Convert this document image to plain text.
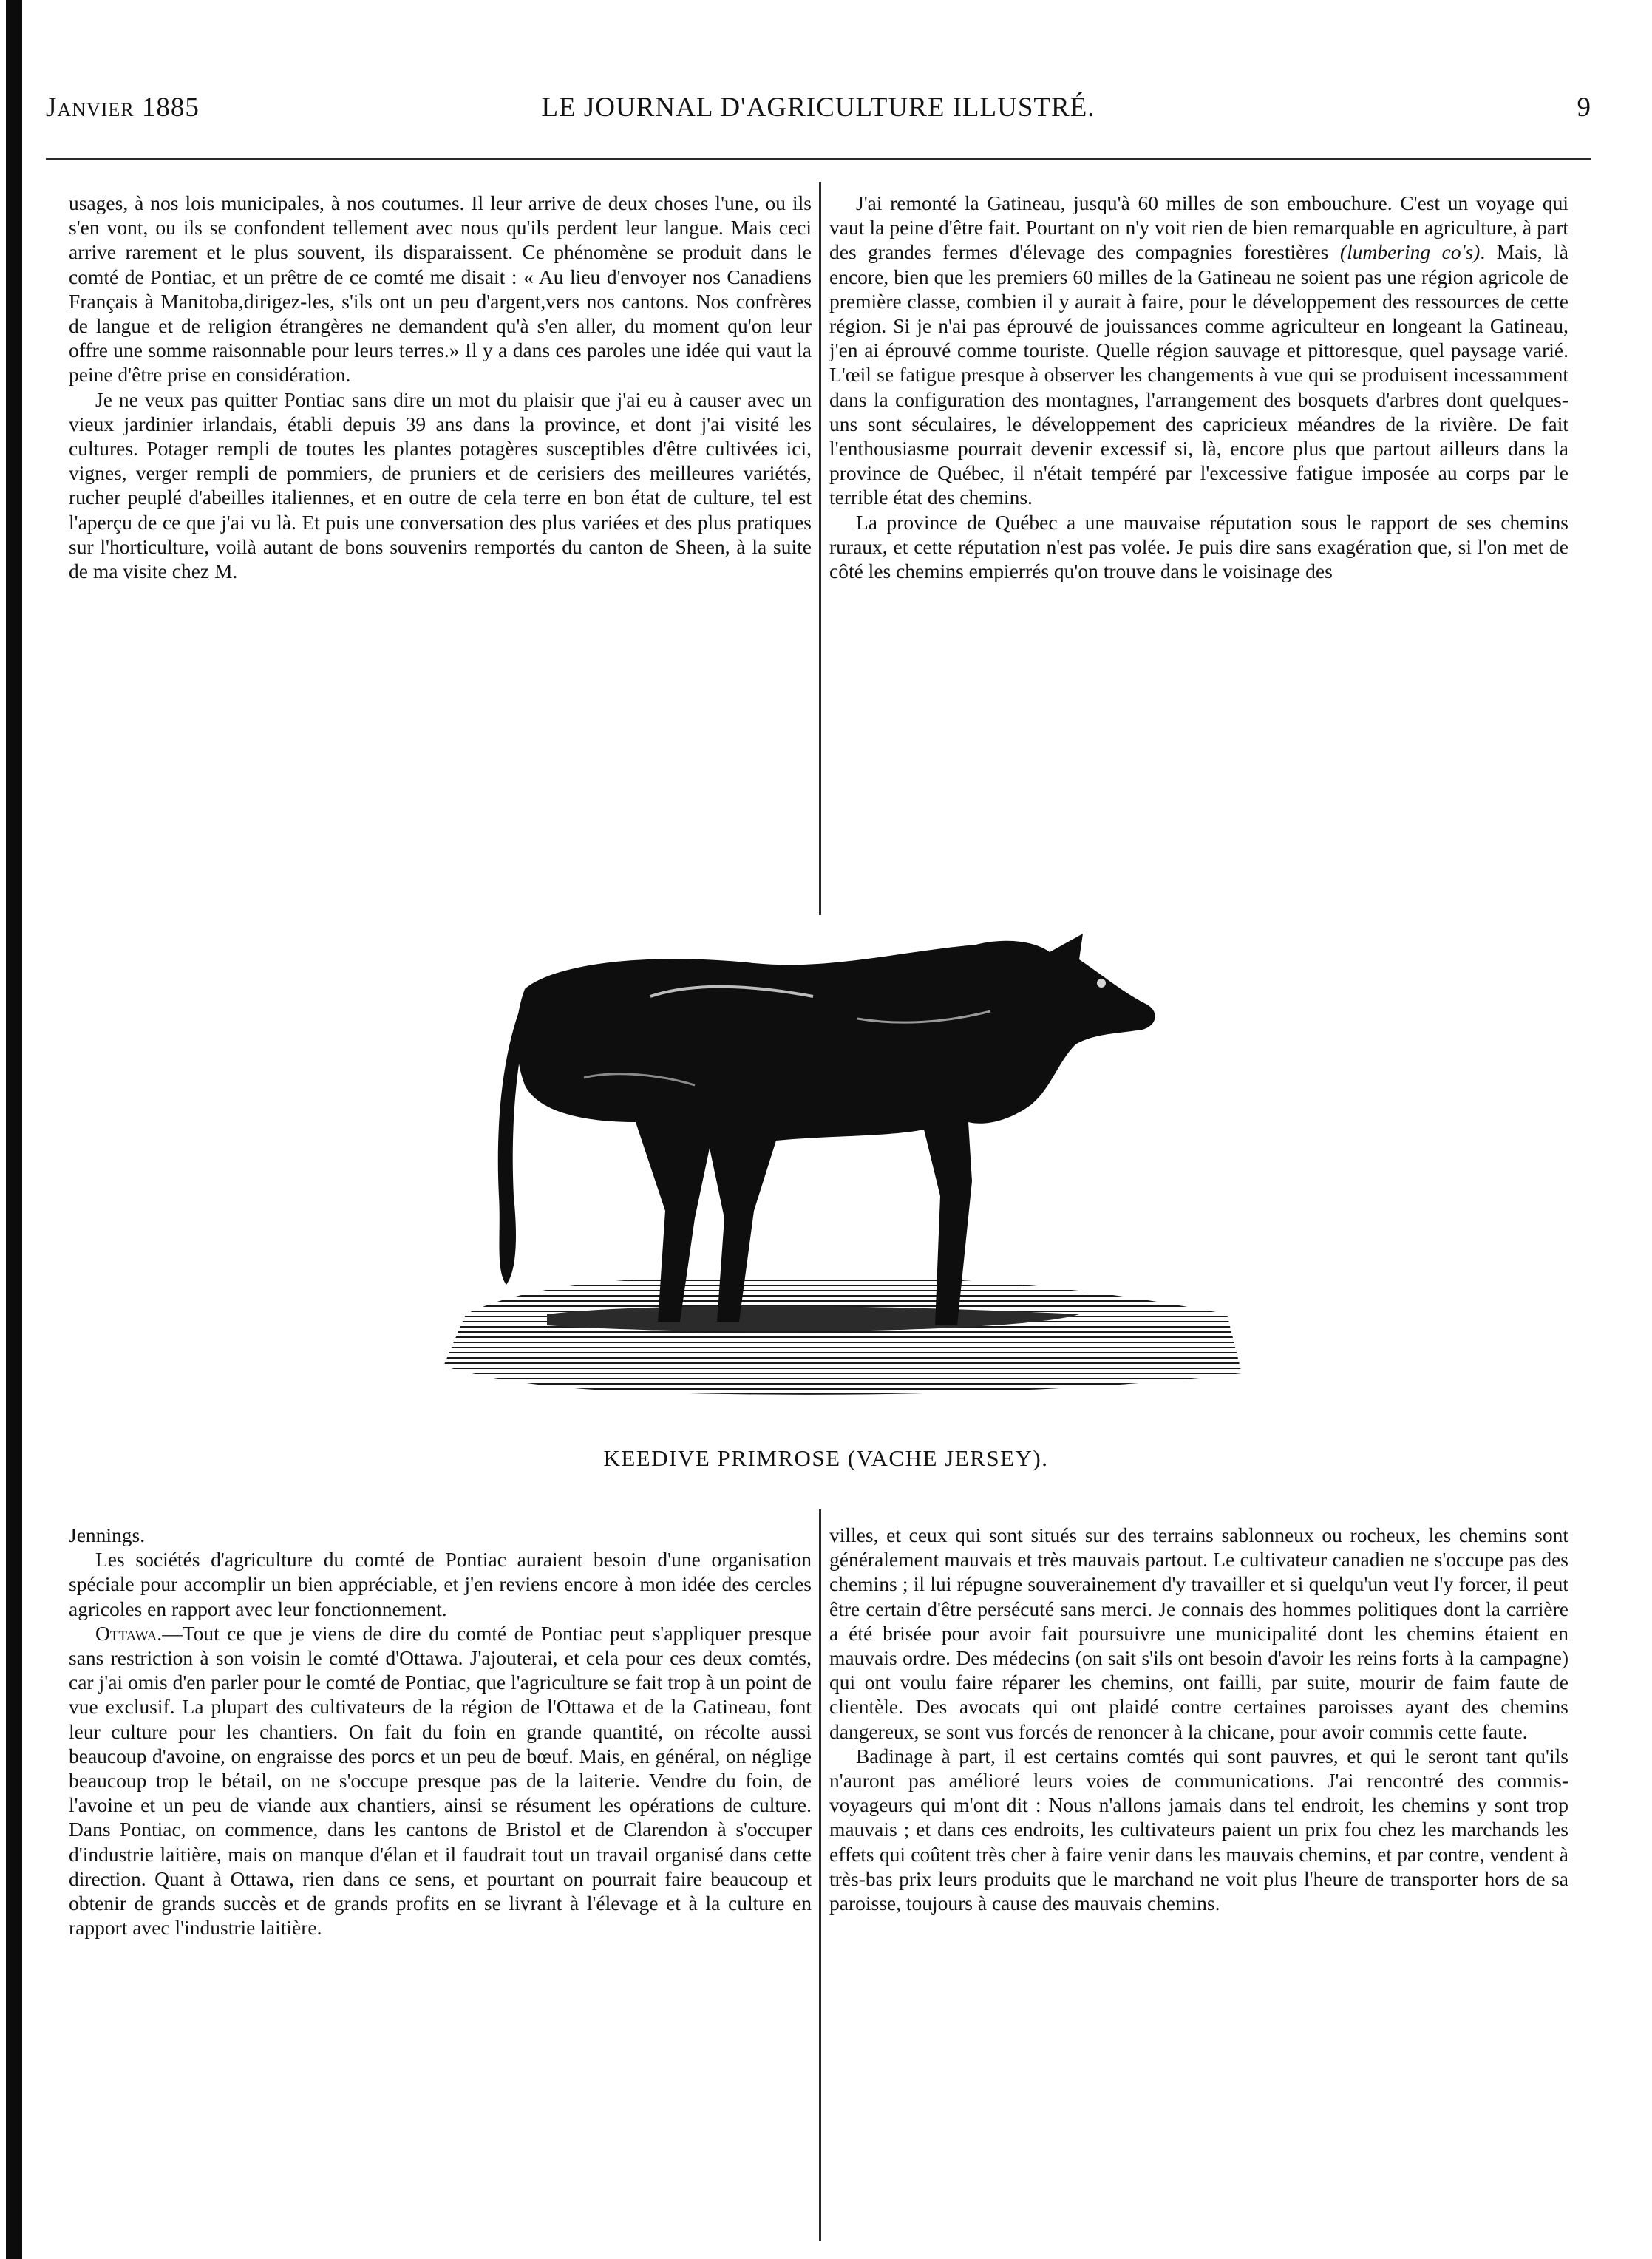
Janvier 1885	LE JOURNAL D'AGRICULTURE ILLUSTRÉ.	9

usages, à nos lois municipales, à nos coutumes. Il leur arrive de deux choses l'une, ou ils s'en vont, ou ils se confondent tellement avec nous qu'ils perdent leur langue. Mais ceci arrive rarement et le plus souvent, ils disparaissent. Ce phénomène se produit dans le comté de Pontiac, et un prêtre de ce comté me disait : « Au lieu d'envoyer nos Canadiens Français à Manitoba,dirigez-les, s'ils ont un peu d'argent,vers nos cantons. Nos confrères de langue et de religion étrangères ne demandent qu'à s'en aller, du moment qu'on leur offre une somme raisonnable pour leurs terres.» Il y a dans ces paroles une idée qui vaut la peine d'être prise en considération.

Je ne veux pas quitter Pontiac sans dire un mot du plaisir que j'ai eu à causer avec un vieux jardinier irlandais, établi depuis 39 ans dans la province, et dont j'ai visité les cultures. Potager rempli de toutes les plantes potagères susceptibles d'être cultivées ici, vignes, verger rempli de pommiers, de pruniers et de cerisiers des meilleures variétés, rucher peuplé d'abeilles italiennes, et en outre de cela terre en bon état de culture, tel est l'aperçu de ce que j'ai vu là. Et puis une conversation des plus variées et des plus pratiques sur l'horticulture, voilà autant de bons souvenirs remportés du canton de Sheen, à la suite de ma visite chez M.

J'ai remonté la Gatineau, jusqu'à 60 milles de son embouchure. C'est un voyage qui vaut la peine d'être fait. Pourtant on n'y voit rien de bien remarquable en agriculture, à part des grandes fermes d'élevage des compagnies forestières (lumbering co's). Mais, là encore, bien que les premiers 60 milles de la Gatineau ne soient pas une région agricole de première classe, combien il y aurait à faire, pour le développement des ressources de cette région. Si je n'ai pas éprouvé de jouissances comme agriculteur en longeant la Gatineau, j'en ai éprouvé comme touriste. Quelle région sauvage et pittoresque, quel paysage varié. L'œil se fatigue presque à observer les changements à vue qui se produisent incessamment dans la configuration des montagnes, l'arrangement des bosquets d'arbres dont quelques-uns sont séculaires, le développement des capricieux méandres de la rivière. De fait l'enthousiasme pourrait devenir excessif si, là, encore plus que partout ailleurs dans la province de Québec, il n'était tempéré par l'excessive fatigue imposée au corps par le terrible état des chemins.

La province de Québec a une mauvaise réputation sous le rapport de ses chemins ruraux, et cette réputation n'est pas volée. Je puis dire sans exagération que, si l'on met de côté les chemins empierrés qu'on trouve dans le voisinage des

KEEDIVE PRIMROSE (VACHE JERSEY).

Jennings.

Les sociétés d'agriculture du comté de Pontiac auraient besoin d'une organisation spéciale pour accomplir un bien appréciable, et j'en reviens encore à mon idée des cercles agricoles en rapport avec leur fonctionnement.

Ottawa.—Tout ce que je viens de dire du comté de Pontiac peut s'appliquer presque sans restriction à son voisin le comté d'Ottawa. J'ajouterai, et cela pour ces deux comtés, car j'ai omis d'en parler pour le comté de Pontiac, que l'agriculture se fait trop à un point de vue exclusif. La plupart des cultivateurs de la région de l'Ottawa et de la Gatineau, font leur culture pour les chantiers. On fait du foin en grande quantité, on récolte aussi beaucoup d'avoine, on engraisse des porcs et un peu de bœuf. Mais, en général, on néglige beaucoup trop le bétail, on ne s'occupe presque pas de la laiterie. Vendre du foin, de l'avoine et un peu de viande aux chantiers, ainsi se résument les opérations de culture. Dans Pontiac, on commence, dans les cantons de Bristol et de Clarendon à s'occuper d'industrie laitière, mais on manque d'élan et il faudrait tout un travail organisé dans cette direction. Quant à Ottawa, rien dans ce sens, et pourtant on pourrait faire beaucoup et obtenir de grands succès et de grands profits en se livrant à l'élevage et à la culture en rapport avec l'industrie laitière.

villes, et ceux qui sont situés sur des terrains sablonneux ou rocheux, les chemins sont généralement mauvais et très mauvais partout. Le cultivateur canadien ne s'occupe pas des chemins ; il lui répugne souverainement d'y travailler et si quelqu'un veut l'y forcer, il peut être certain d'être persécuté sans merci. Je connais des hommes politiques dont la carrière a été brisée pour avoir fait poursuivre une municipalité dont les chemins étaient en mauvais ordre. Des médecins (on sait s'ils ont besoin d'avoir les reins forts à la campagne) qui ont voulu faire réparer les chemins, ont failli, par suite, mourir de faim faute de clientèle. Des avocats qui ont plaidé contre certaines paroisses ayant des chemins dangereux, se sont vus forcés de renoncer à la chicane, pour avoir commis cette faute.

Badinage à part, il est certains comtés qui sont pauvres, et qui le seront tant qu'ils n'auront pas amélioré leurs voies de communications. J'ai rencontré des commis-voyageurs qui m'ont dit : Nous n'allons jamais dans tel endroit, les chemins y sont trop mauvais ; et dans ces endroits, les cultivateurs paient un prix fou chez les marchands les effets qui coûtent très cher à faire venir dans les mauvais chemins, et par contre, vendent à très-bas prix leurs produits que le marchand ne voit plus l'heure de transporter hors de sa paroisse, toujours à cause des mauvais chemins.
